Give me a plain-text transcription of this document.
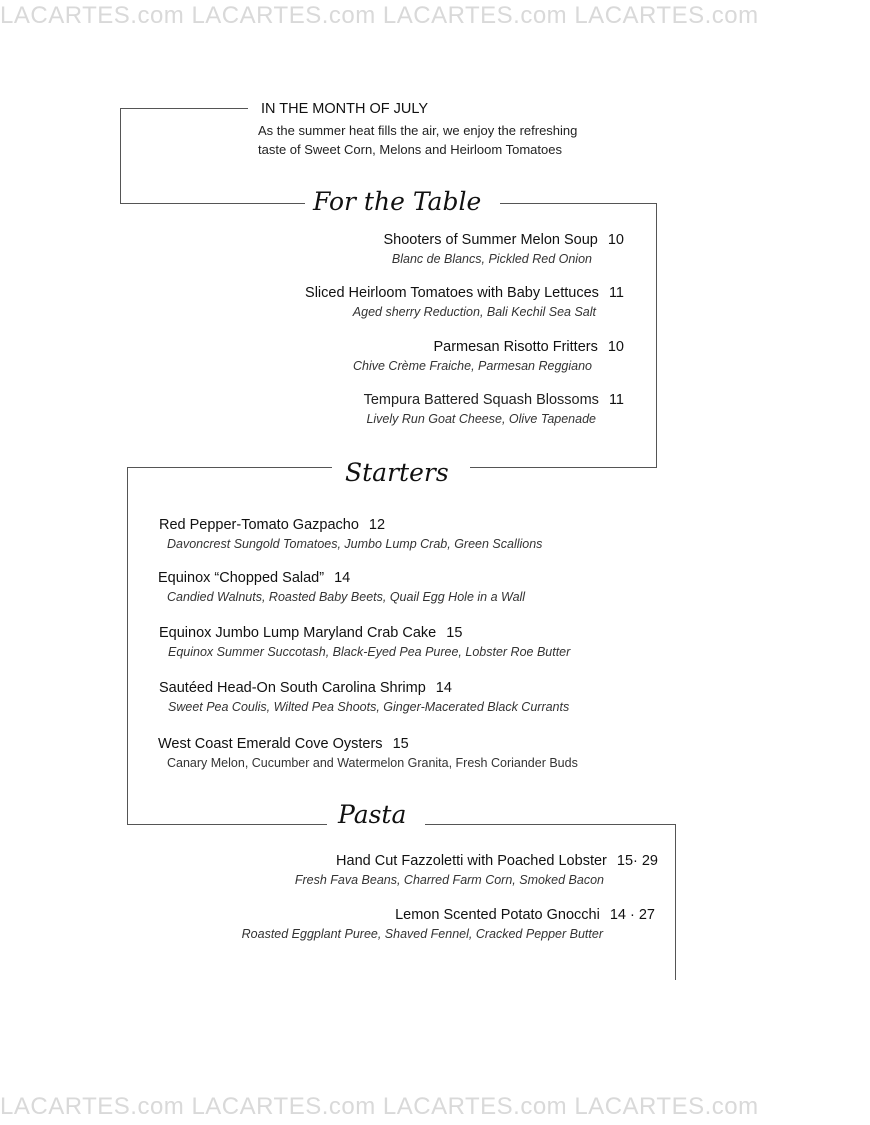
LACARTES.com LACARTES.com LACARTES.com LACARTES.com
LACARTES.com LACARTES.com LACARTES.com LACARTES.com
IN THE MONTH OF JULY
As the summer heat fills the air, we enjoy the refreshing
taste of Sweet Corn, Melons and Heirloom Tomatoes
For the Table
Starters
Pasta
Shooters of Summer Melon Soup 10
Blanc de Blancs, Pickled Red Onion
Sliced Heirloom Tomatoes with Baby Lettuces 11
Aged sherry Reduction, Bali Kechil Sea Salt
Parmesan Risotto Fritters 10
Chive Crème Fraiche, Parmesan Reggiano
Tempura Battered Squash Blossoms 11
Lively Run Goat Cheese, Olive Tapenade
Red Pepper-Tomato Gazpacho 12
Davoncrest Sungold Tomatoes, Jumbo Lump Crab, Green Scallions
Equinox “Chopped Salad” 14
Candied Walnuts, Roasted Baby Beets, Quail Egg Hole in a Wall
Equinox Jumbo Lump Maryland Crab Cake 15
Equinox Summer Succotash, Black-Eyed Pea Puree, Lobster Roe Butter
Sautéed Head-On South Carolina Shrimp 14
Sweet Pea Coulis, Wilted Pea Shoots, Ginger-Macerated Black Currants
West Coast Emerald Cove Oysters 15
Canary Melon, Cucumber and Watermelon Granita, Fresh Coriander Buds
Hand Cut Fazzoletti with Poached Lobster 15· 29
Fresh Fava Beans, Charred Farm Corn, Smoked Bacon
Lemon Scented Potato Gnocchi 14 · 27
Roasted Eggplant Puree, Shaved Fennel, Cracked Pepper Butter
